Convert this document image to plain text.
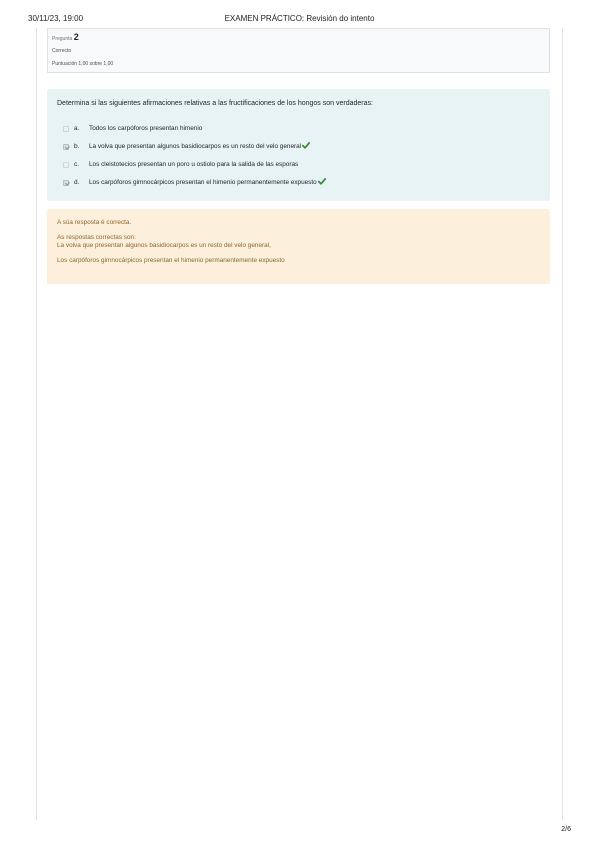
30/11/23, 19:00	EXAMEN PRÁCTICO: Revisión do intento
Pregunta 2
Correcto
Puntuación 1,00 sobre 1,00
Determina si las siguientes afirmaciones relativas a las fructificaciones de los hongos son verdaderas:
a.	Todos los carpóforos presentan himenio
b.	La volva que presentan algunos basidiocarpos es un resto del velo general
c.	Los cleistotecios presentan un poro u ostiolo para la salida de las esporas
d.	Los carpóforos gimnocárpicos presentan el himenio permanentemente expuesto
A súa resposta é correcta.
As respostas correctas son:
La volva que presentan algunos basidiocarpos es un resto del velo general,
Los carpóforos gimnocárpicos presentan el himenio permanentemente expuesto
2/6
